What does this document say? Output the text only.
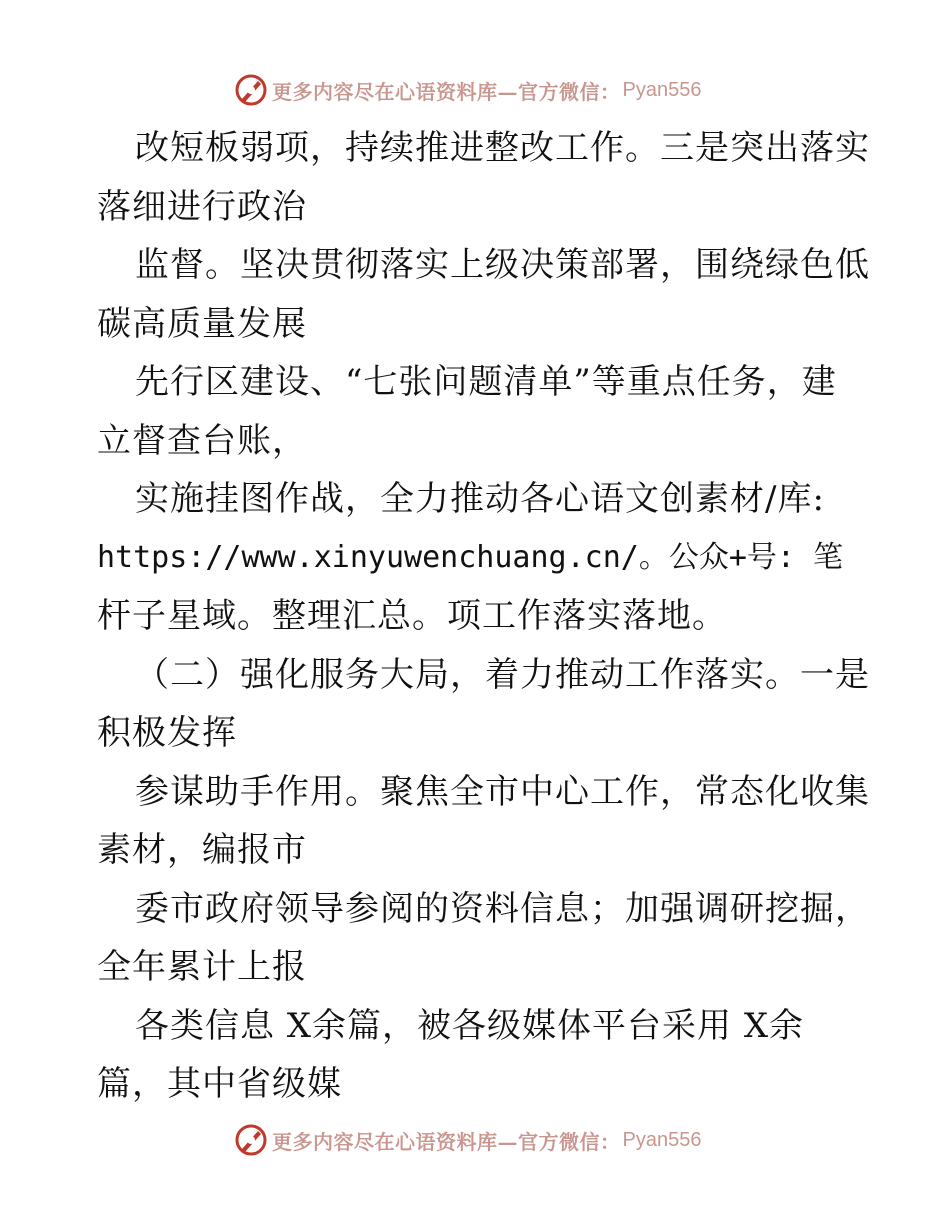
更多内容尽在心语资料库—官方微信： Pyan556
改短板弱项，持续推进整改工作。三是突出落实
落细进行政治
监督。坚决贯彻落实上级决策部署，围绕绿色低
碳高质量发展
先行区建设、“七张问题清单”等重点任务，建
立督查台账，
实施挂图作战，全力推动各心语文创素材/库:
https://www.xinyuwenchuang.cn/。公众+号: 笔
杆子星域。整理汇总。项工作落实落地。
（二）强化服务大局，着力推动工作落实。一是
积极发挥
参谋助手作用。聚焦全市中心工作，常态化收集
素材，编报市
委市政府领导参阅的资料信息；加强调研挖掘，
全年累计上报
各类信息 X余篇，被各级媒体平台采用 X余
篇，其中省级媒
更多内容尽在心语资料库—官方微信： Pyan556
